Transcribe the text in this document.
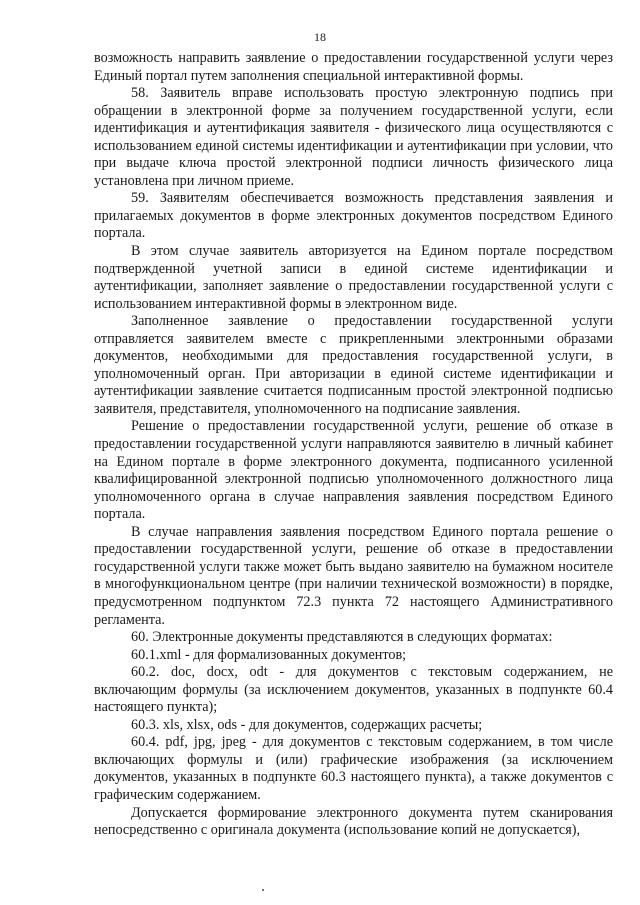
18

возможность направить заявление о предоставлении государственной услуги через Единый портал путем заполнения специальной интерактивной формы.

58. Заявитель вправе использовать простую электронную подпись при обращении в электронной форме за получением государственной услуги, если идентификация и аутентификация заявителя - физического лица осуществляются с использованием единой системы идентификации и аутентификации при условии, что при выдаче ключа простой электронной подписи личность физического лица установлена при личном приеме.

59. Заявителям обеспечивается возможность представления заявления и прилагаемых документов в форме электронных документов посредством Единого портала.

В этом случае заявитель авторизуется на Едином портале посредством подтвержденной учетной записи в единой системе идентификации и аутентификации, заполняет заявление о предоставлении государственной услуги с использованием интерактивной формы в электронном виде.

Заполненное заявление о предоставлении государственной услуги отправляется заявителем вместе с прикрепленными электронными образами документов, необходимыми для предоставления государственной услуги, в уполномоченный орган. При авторизации в единой системе идентификации и аутентификации заявление считается подписанным простой электронной подписью заявителя, представителя, уполномоченного на подписание заявления.

Решение о предоставлении государственной услуги, решение об отказе в предоставлении государственной услуги направляются заявителю в личный кабинет на Едином портале в форме электронного документа, подписанного усиленной квалифицированной электронной подписью уполномоченного должностного лица уполномоченного органа в случае направления заявления посредством Единого портала.

В случае направления заявления посредством Единого портала решение о предоставлении государственной услуги, решение об отказе в предоставлении государственной услуги также может быть выдано заявителю на бумажном носителе в многофункциональном центре (при наличии технической возможности) в порядке, предусмотренном подпунктом 72.3 пункта 72 настоящего Административного регламента.

60. Электронные документы представляются в следующих форматах:

60.1.xml - для формализованных документов;

60.2. doc, docx, odt - для документов с текстовым содержанием, не включающим формулы (за исключением документов, указанных в подпункте 60.4 настоящего пункта);

60.3. xls, xlsx, ods - для документов, содержащих расчеты;

60.4. pdf, jpg, jpeg - для документов с текстовым содержанием, в том числе включающих формулы и (или) графические изображения (за исключением документов, указанных в подпункте 60.3 настоящего пункта), а также документов с графическим содержанием.

Допускается формирование электронного документа путем сканирования непосредственно с оригинала документа (использование копий не допускается),
